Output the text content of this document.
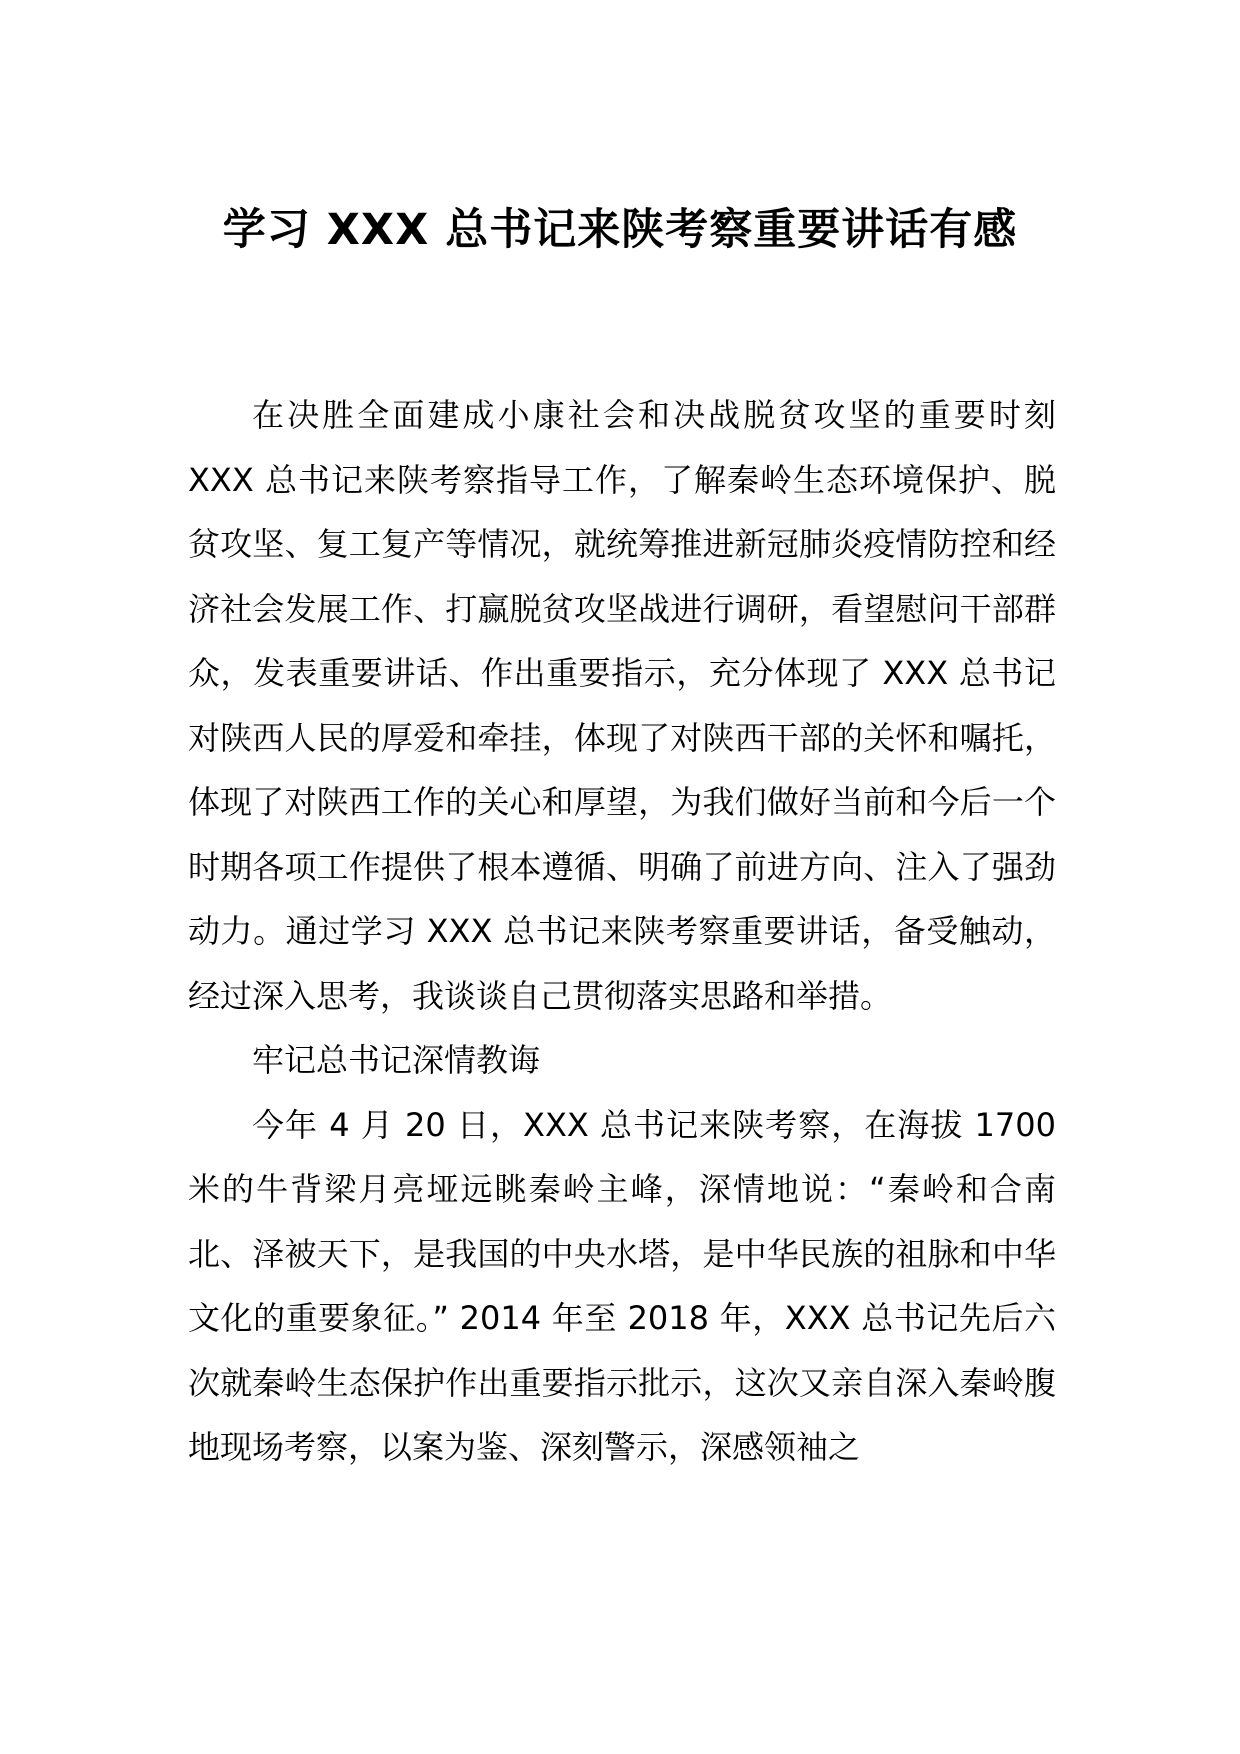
学习 XXX 总书记来陕考察重要讲话有感

在决胜全面建成小康社会和决战脱贫攻坚的重要时刻 XXX 总书记来陕考察指导工作，了解秦岭生态环境保护、脱贫攻坚、复工复产等情况，就统筹推进新冠肺炎疫情防控和经济社会发展工作、打赢脱贫攻坚战进行调研，看望慰问干部群众，发表重要讲话、作出重要指示，充分体现了 XXX 总书记对陕西人民的厚爱和牵挂，体现了对陕西干部的关怀和嘱托，体现了对陕西工作的关心和厚望，为我们做好当前和今后一个时期各项工作提供了根本遵循、明确了前进方向、注入了强劲动力。通过学习 XXX 总书记来陕考察重要讲话，备受触动，经过深入思考，我谈谈自己贯彻落实思路和举措。

牢记总书记深情教诲

今年 4 月 20 日，XXX 总书记来陕考察，在海拔 1700 米的牛背梁月亮垭远眺秦岭主峰，深情地说：“秦岭和合南北、泽被天下，是我国的中央水塔，是中华民族的祖脉和中华文化的重要象征。” 2014 年至 2018 年，XXX 总书记先后六次就秦岭生态保护作出重要指示批示，这次又亲自深入秦岭腹地现场考察，以案为鉴、深刻警示，深感领袖之
